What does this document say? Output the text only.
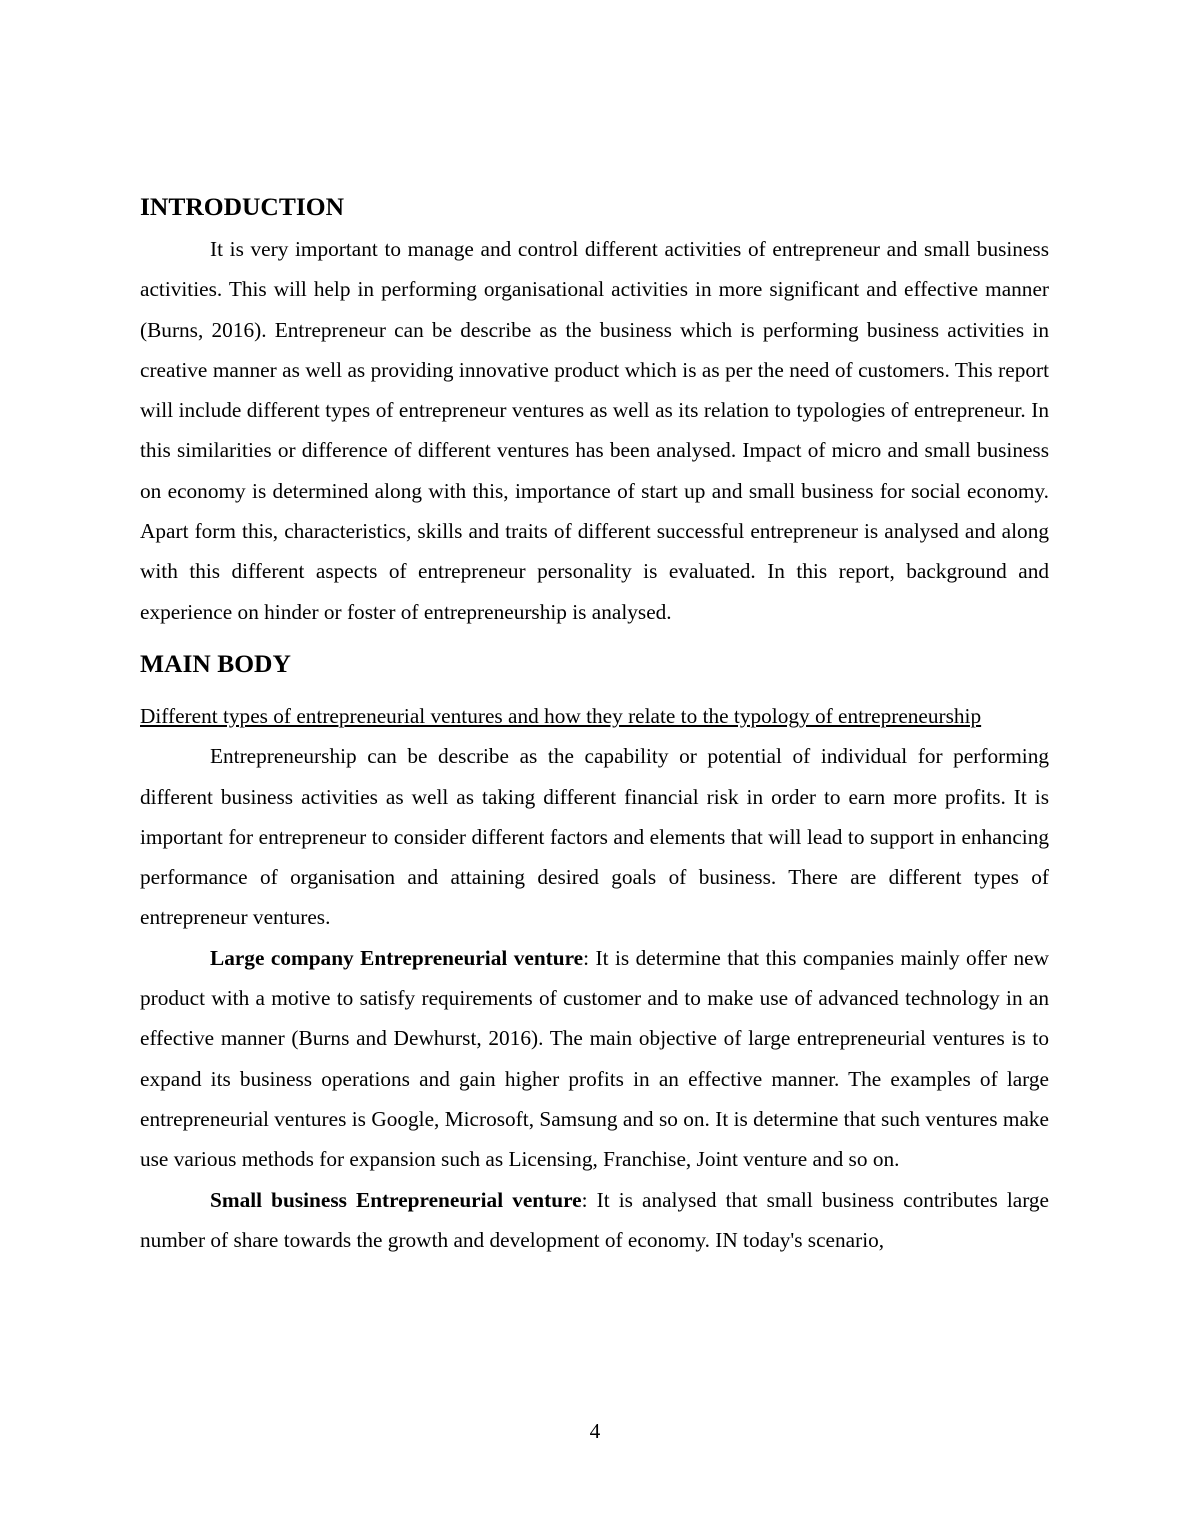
INTRODUCTION

It is very important to manage and control different activities of entrepreneur and small business activities. This will help in performing organisational activities in more significant and effective manner (Burns, 2016). Entrepreneur can be describe as the business which is performing business activities in creative manner as well as providing innovative product which is as per the need of customers. This report will include different types of entrepreneur ventures as well as its relation to typologies of entrepreneur. In this similarities or difference of different ventures has been analysed. Impact of micro and small business on economy is determined along with this, importance of start up and small business for social economy. Apart form this, characteristics, skills and traits of different successful entrepreneur is analysed and along with this different aspects of entrepreneur personality is evaluated. In this report, background and experience on hinder or foster of entrepreneurship is analysed.

MAIN BODY

Different types of entrepreneurial ventures and how they relate to the typology of entrepreneurship

Entrepreneurship can be describe as the capability or potential of individual for performing different business activities as well as taking different financial risk in order to earn more profits. It is important for entrepreneur to consider different factors and elements that will lead to support in enhancing performance of organisation and attaining desired goals of business. There are different types of entrepreneur ventures.

Large company Entrepreneurial venture: It is determine that this companies mainly offer new product with a motive to satisfy requirements of customer and to make use of advanced technology in an effective manner (Burns and Dewhurst, 2016). The main objective of large entrepreneurial ventures is to expand its business operations and gain higher profits in an effective manner. The examples of large entrepreneurial ventures is Google, Microsoft, Samsung and so on. It is determine that such ventures make use various methods for expansion such as Licensing, Franchise, Joint venture and so on.

Small business Entrepreneurial venture: It is analysed that small business contributes large number of share towards the growth and development of economy. IN today's scenario,

4
